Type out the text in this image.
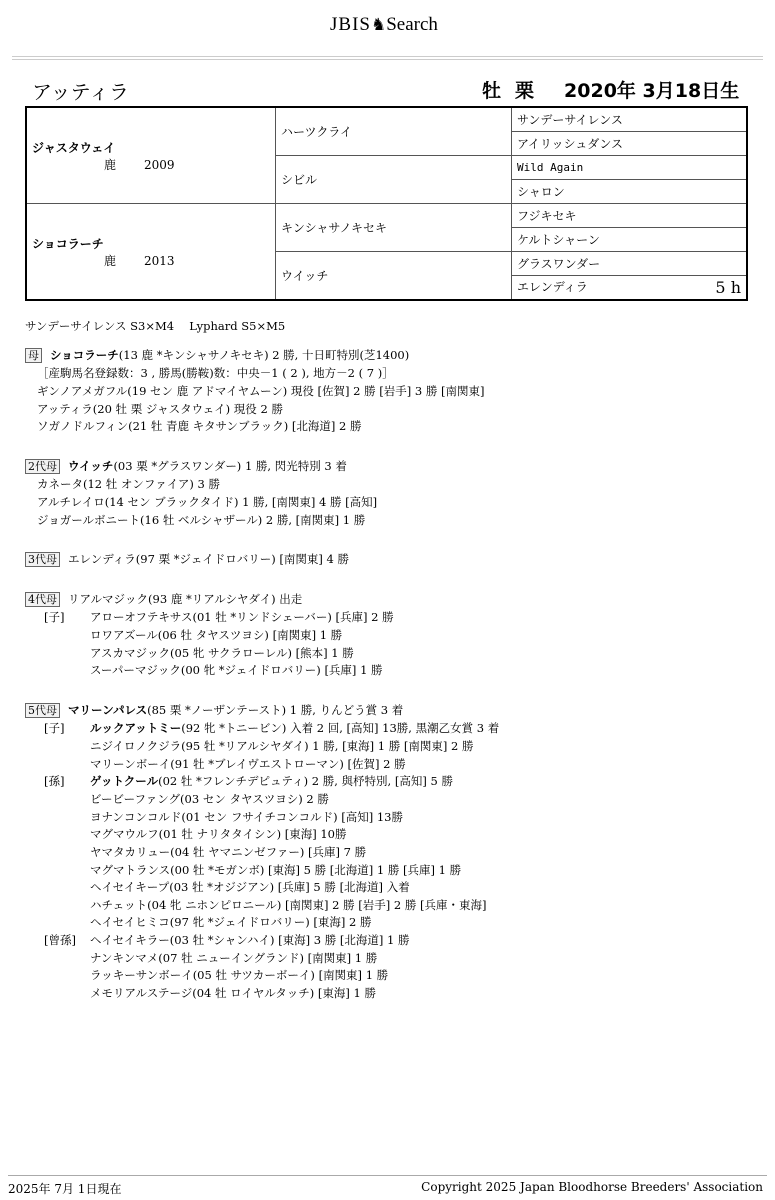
JBIS♞Search
アッティラ	牡 栗 2020年 3月18日生
ジャスタウェイ
鹿 2009	ハーツクライ	サンデーサイレンス
		アイリッシュダンス
	シビル	Wild Again
		シャロン

ショコラーチ
鹿 2013	キンシャサノキセキ	フジキセキ
		ケルトシャーン
	ウイッチ	グラスワンダー
		エレンディラ 5 h
サンデーサイレンス S3×M4　 Lyphard S5×M5
母 ショコラーチ(13 鹿 *キンシャサノキセキ) 2 勝, 十日町特別(芝1400)
［産駒馬名登録数：3 , 勝馬(勝鞍)数：中央－1 ( 2 ), 地方－2 ( 7 )］
ギンノアメガフル(19 セン 鹿 アドマイヤムーン) 現役 [佐賀] 2 勝 [岩手] 3 勝 [南関東]
アッティラ(20 牡 栗 ジャスタウェイ) 現役 2 勝
ソガノドルフィン(21 牡 青鹿 キタサンブラック) [北海道] 2 勝
2代母 ウイッチ(03 栗 *グラスワンダー) 1 勝, 閃光特別 3 着
カネータ(12 牡 オンファイア) 3 勝
アルチレイロ(14 セン ブラックタイド) 1 勝, [南関東] 4 勝 [高知]
ジョガールボニート(16 牡 ベルシャザール) 2 勝, [南関東] 1 勝
3代母 エレンディラ(97 栗 *ジェイドロバリー) [南関東] 4 勝
4代母 リアルマジック(93 鹿 *リアルシヤダイ) 出走
[子] アローオフテキサス(01 牡 *リンドシェーバー) [兵庫] 2 勝
ロワアズール(06 牡 タヤスツヨシ) [南関東] 1 勝
アスカマジック(05 牝 サクラローレル) [熊本] 1 勝
スーパーマジック(00 牝 *ジェイドロバリー) [兵庫] 1 勝
5代母 マリーンパレス(85 栗 *ノーザンテースト) 1 勝, りんどう賞 3 着
[子] ルックアットミー(92 牝 *トニービン) 入着 2 回, [高知] 13勝, 黒潮乙女賞 3 着
ニジイロノクジラ(95 牡 *リアルシヤダイ) 1 勝, [東海] 1 勝 [南関東] 2 勝
マリーンボーイ(91 牡 *ブレイヴエストローマン) [佐賀] 2 勝
[孫] ゲットクール(02 牡 *フレンチデピュティ) 2 勝, 與杼特別, [高知] 5 勝
ビービーファング(03 セン タヤスツヨシ) 2 勝
ヨナンコンコルド(01 セン フサイチコンコルド) [高知] 13勝
マグマウルフ(01 牡 ナリタタイシン) [東海] 10勝
ヤマタカリュー(04 牡 ヤマニンゼファー) [兵庫] 7 勝
マグマトランス(00 牡 *モガンボ) [東海] 5 勝 [北海道] 1 勝 [兵庫] 1 勝
ヘイセイキープ(03 牡 *オジジアン) [兵庫] 5 勝 [北海道] 入着
ハチェット(04 牝 ニホンピロニール) [南関東] 2 勝 [岩手] 2 勝 [兵庫・東海]
ヘイセイヒミコ(97 牝 *ジェイドロバリー) [東海] 2 勝
[曾孫] ヘイセイキラー(03 牡 *シャンハイ) [東海] 3 勝 [北海道] 1 勝
ナンキンマメ(07 牡 ニューイングランド) [南関東] 1 勝
ラッキーサンボーイ(05 牡 サツカーボーイ) [南関東] 1 勝
メモリアルステージ(04 牡 ロイヤルタッチ) [東海] 1 勝
2025年 7月 1日現在	Copyright 2025 Japan Bloodhorse Breeders' Association
